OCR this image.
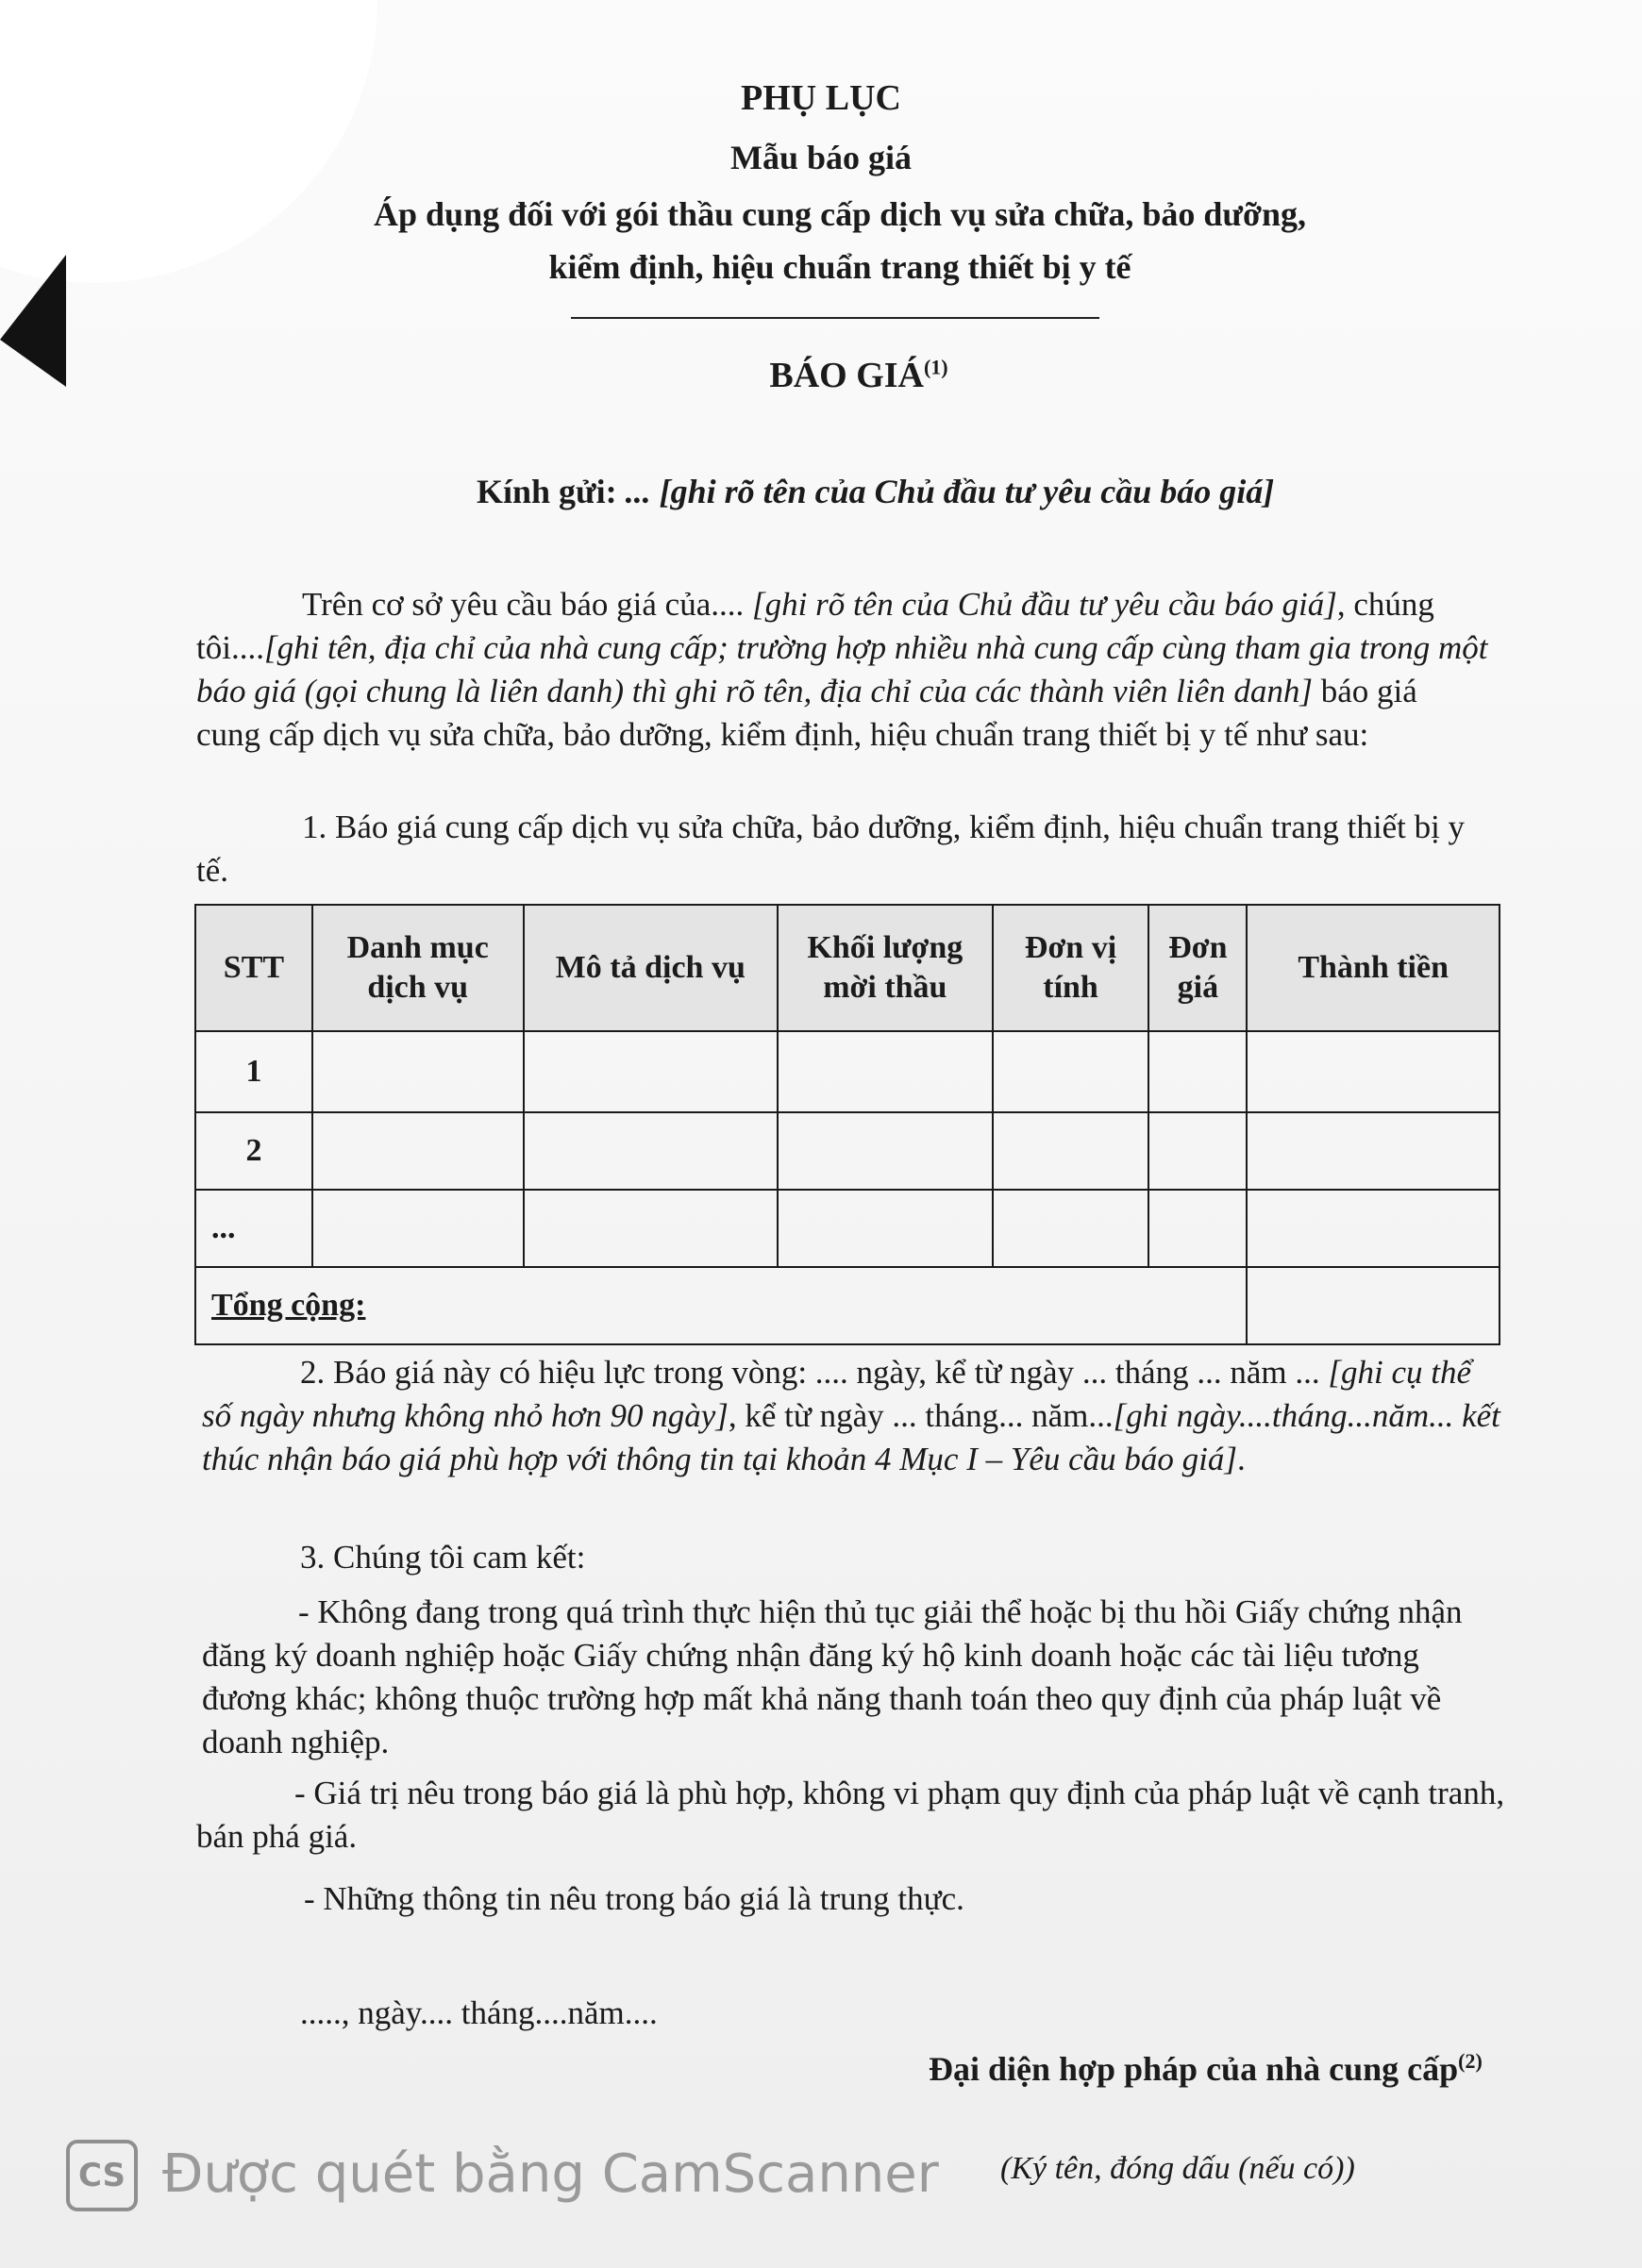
PHỤ LỤC
Mẫu báo giá
Áp dụng đối với gói thầu cung cấp dịch vụ sửa chữa, bảo dưỡng,
kiểm định, hiệu chuẩn trang thiết bị y tế
BÁO GIÁ$^{(1)}$
Kính gửi: ... [ghi rõ tên của Chủ đầu tư yêu cầu báo giá]
Trên cơ sở yêu cầu báo giá của.... [ghi rõ tên của Chủ đầu tư yêu cầu báo giá], chúng tôi....[ghi tên, địa chỉ của nhà cung cấp; trường hợp nhiều nhà cung cấp cùng tham gia trong một báo giá (gọi chung là liên danh) thì ghi rõ tên, địa chỉ của các thành viên liên danh] báo giá cung cấp dịch vụ sửa chữa, bảo dưỡng, kiểm định, hiệu chuẩn trang thiết bị y tế như sau:
1. Báo giá cung cấp dịch vụ sửa chữa, bảo dưỡng, kiểm định, hiệu chuẩn trang thiết bị y tế.
STT	Danh mục dịch vụ	Mô tả dịch vụ	Khối lượng mời thầu	Đơn vị tính	Đơn giá	Thành tiền
1						
2						
...						
Tổng cộng:						
2. Báo giá này có hiệu lực trong vòng: .... ngày, kể từ ngày ... tháng ... năm ... [ghi cụ thể số ngày nhưng không nhỏ hơn 90 ngày], kể từ ngày ... tháng... năm...[ghi ngày....tháng...năm... kết thúc nhận báo giá phù hợp với thông tin tại khoản 4 Mục I – Yêu cầu báo giá].
3. Chúng tôi cam kết:
- Không đang trong quá trình thực hiện thủ tục giải thể hoặc bị thu hồi Giấy chứng nhận đăng ký doanh nghiệp hoặc Giấy chứng nhận đăng ký hộ kinh doanh hoặc các tài liệu tương đương khác; không thuộc trường hợp mất khả năng thanh toán theo quy định của pháp luật về doanh nghiệp.
- Giá trị nêu trong báo giá là phù hợp, không vi phạm quy định của pháp luật về cạnh tranh, bán phá giá.
- Những thông tin nêu trong báo giá là trung thực.
....., ngày.... tháng....năm....
Đại diện hợp pháp của nhà cung cấp$^{(2)}$
(Ký tên, đóng dấu (nếu có))
CS Được quét bằng CamScanner
